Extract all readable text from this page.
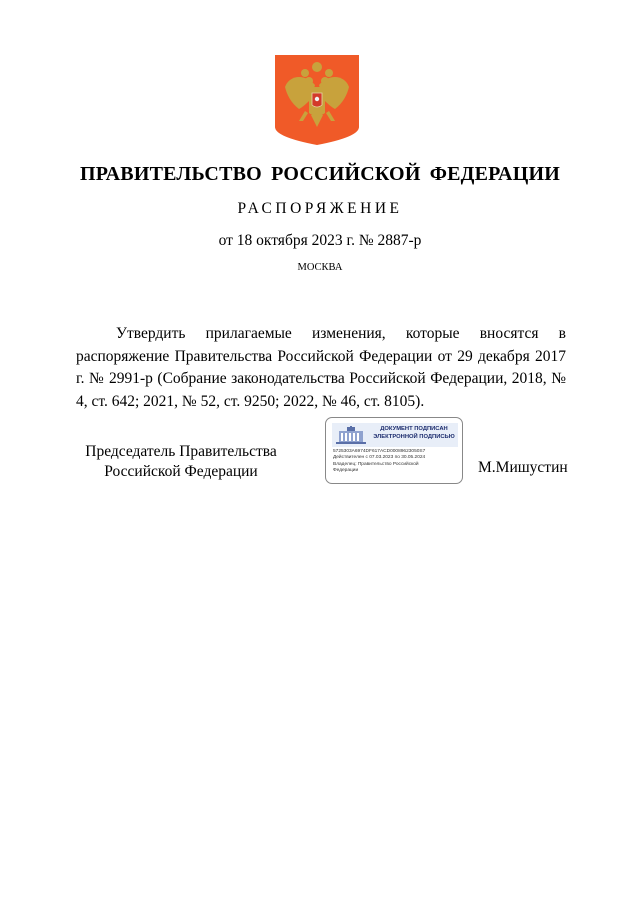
ПРАВИТЕЛЬСТВО РОССИЙСКОЙ ФЕДЕРАЦИИ
РАСПОРЯЖЕНИЕ
от 18 октября 2023 г. № 2887-р
МОСКВА
Утвердить прилагаемые изменения, которые вносятся в распоряжение Правительства Российской Федерации от 29 декабря 2017 г. № 2991-р (Собрание законодательства Российской Федерации, 2018, № 4, ст. 642; 2021, № 52, ст. 9250; 2022, № 46, ст. 8105).
Председатель Правительства
Российской Федерации
ДОКУМЕНТ ПОДПИСАН
ЭЛЕКТРОННОЙ ПОДПИСЬЮ
5725303A6974DF617ACD00089623050S7
Действителен с 07.03.2023 по 30.05.2024
Владелец: Правительство Российской
Федерации	М.Мишустин
